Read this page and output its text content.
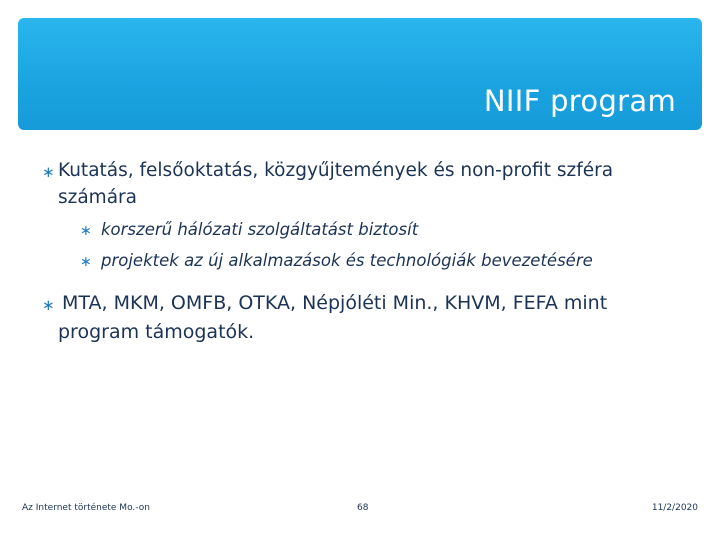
NIIF program
∗ Kutatás, felsőoktatás, közgyűjtemények és non-profit szféra
számára
∗ korszerű hálózati szolgáltatást biztosít
∗ projektek az új alkalmazások és technológiák bevezetésére
∗ MTA, MKM, OMFB, OTKA, Népjóléti Min., KHVM, FEFA mint
program támogatók.
Az Internet története Mo.-on	68	11/2/2020
